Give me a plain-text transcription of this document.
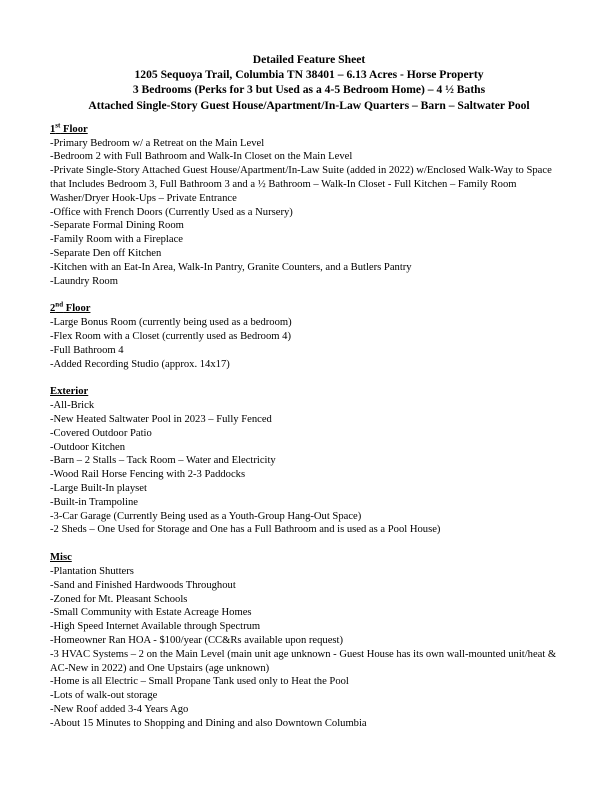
Detailed Feature Sheet
1205 Sequoya Trail, Columbia TN 38401 – 6.13 Acres - Horse Property
3 Bedrooms (Perks for 3 but Used as a 4-5 Bedroom Home) – 4 ½ Baths
Attached Single-Story Guest House/Apartment/In-Law Quarters – Barn – Saltwater Pool
1st Floor
-Primary Bedroom w/ a Retreat on the Main Level
-Bedroom 2 with Full Bathroom and Walk-In Closet on the Main Level
-Private Single-Story Attached Guest House/Apartment/In-Law Suite (added in 2022) w/Enclosed Walk-Way to Space that Includes Bedroom 3, Full Bathroom 3 and a ½ Bathroom – Walk-In Closet - Full Kitchen – Family Room Washer/Dryer Hook-Ups – Private Entrance
-Office with French Doors (Currently Used as a Nursery)
-Separate Formal Dining Room
-Family Room with a Fireplace
-Separate Den off Kitchen
-Kitchen with an Eat-In Area, Walk-In Pantry, Granite Counters, and a Butlers Pantry
-Laundry Room
2nd Floor
-Large Bonus Room (currently being used as a bedroom)
-Flex Room with a Closet (currently used as Bedroom 4)
-Full Bathroom 4
-Added Recording Studio (approx. 14x17)
Exterior
-All-Brick
-New Heated Saltwater Pool in 2023 – Fully Fenced
-Covered Outdoor Patio
-Outdoor Kitchen
-Barn – 2 Stalls – Tack Room – Water and Electricity
-Wood Rail Horse Fencing with 2-3 Paddocks
-Large Built-In playset
-Built-in Trampoline
-3-Car Garage (Currently Being used as a Youth-Group Hang-Out Space)
-2 Sheds – One Used for Storage and One has a Full Bathroom and is used as a Pool House)
Misc
-Plantation Shutters
-Sand and Finished Hardwoods Throughout
-Zoned for Mt. Pleasant Schools
-Small Community with Estate Acreage Homes
-High Speed Internet Available through Spectrum
-Homeowner Ran HOA - $100/year (CC&Rs available upon request)
-3 HVAC Systems – 2 on the Main Level (main unit age unknown - Guest House has its own wall-mounted unit/heat & AC-New in 2022) and One Upstairs (age unknown)
-Home is all Electric – Small Propane Tank used only to Heat the Pool
-Lots of walk-out storage
-New Roof added 3-4 Years Ago
-About 15 Minutes to Shopping and Dining and also Downtown Columbia
